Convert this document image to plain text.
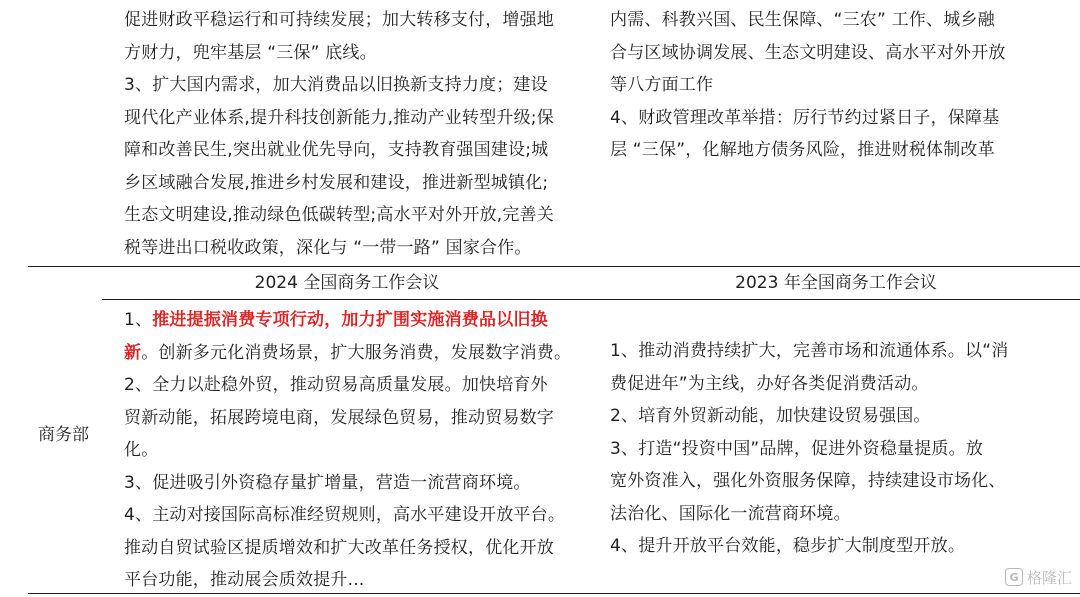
促进财政平稳运行和可持续发展；加大转移支付，增强地

方财力，兜牢基层 “三保” 底线。

3、扩大国内需求，加大消费品以旧换新支持力度；建设

现代化产业体系,提升科技创新能力,推动产业转型升级;保

障和改善民生,突出就业优先导向，支持教育强国建设;城

乡区域融合发展,推进乡村发展和建设，推进新型城镇化;

生态文明建设,推动绿色低碳转型;高水平对外开放,完善关

税等进出口税收政策，深化与 “一带一路” 国家合作。

内需、科教兴国、民生保障、“三农” 工作、城乡融

合与区域协调发展、生态文明建设、高水平对外开放

等八方面工作

4、财政管理改革举措：厉行节约过紧日子，保障基

层 “三保”，化解地方债务风险，推进财税体制改革

2024 全国商务工作会议	2023 年全国商务工作会议
商务部

1、推进提振消费专项行动，加力扩围实施消费品以旧换

新。创新多元化消费场景，扩大服务消费，发展数字消费。

2、全力以赴稳外贸，推动贸易高质量发展。加快培育外

贸新动能，拓展跨境电商，发展绿色贸易，推动贸易数字

化。

3、促进吸引外资稳存量扩增量，营造一流营商环境。

4、主动对接国际高标准经贸规则，高水平建设开放平台。

推动自贸试验区提质增效和扩大改革任务授权，优化开放

平台功能，推动展会质效提升...

1、推动消费持续扩大，完善市场和流通体系。以“消

费促进年”为主线，办好各类促消费活动。

2、培育外贸新动能，加快建设贸易强国。

3、打造“投资中国”品牌，促进外资稳量提质。放

宽外资准入，强化外资服务保障，持续建设市场化、

法治化、国际化一流营商环境。

4、提升开放平台效能，稳步扩大制度型开放。

G 格隆汇
